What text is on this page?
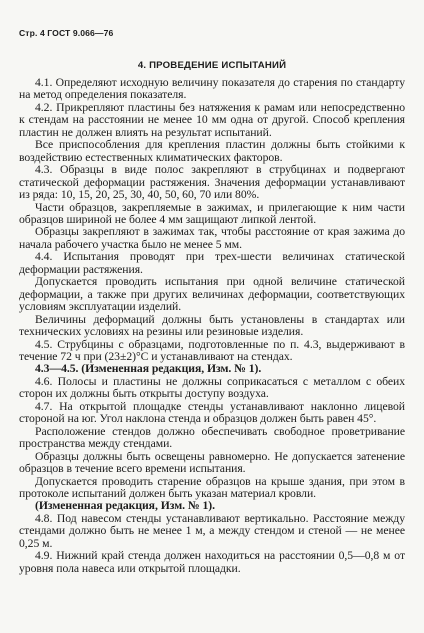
Стр. 4 ГОСТ 9.066—76
4. ПРОВЕДЕНИЕ ИСПЫТАНИЙ

4.1. Определяют исходную величину показателя до старения по стандарту на метод определения показателя.

4.2. Прикрепляют пластины без натяжения к рамам или непосредственно к стендам на расстоянии не менее 10 мм одна от другой. Способ крепления пластин не должен влиять на результат испытаний.

Все приспособления для крепления пластин должны быть стойкими к воздействию естественных климатических факторов.

4.3. Образцы в виде полос закрепляют в струбцинах и подвергают статической деформации растяжения. Значения деформации устанавливают из ряда: 10, 15, 20, 25, 30, 40, 50, 60, 70 или 80%.

Части образцов, закрепляемые в зажимах, и прилегающие к ним части образцов шириной не более 4 мм защищают липкой лентой.

Образцы закрепляют в зажимах так, чтобы расстояние от края зажима до начала рабочего участка было не менее 5 мм.

4.4. Испытания проводят при трех-шести величинах статической деформации растяжения.

Допускается проводить испытания при одной величине статической деформации, а также при других величинах деформации, соответствующих условиям эксплуатации изделий.

Величины деформаций должны быть установлены в стандартах или технических условиях на резины или резиновые изделия.

4.5. Струбцины с образцами, подготовленные по п. 4.3, выдерживают в течение 72 ч при (23±2)°С и устанавливают на стендах.

4.3—4.5. (Измененная редакция, Изм. № 1).

4.6. Полосы и пластины не должны соприкасаться с металлом с обеих сторон их должны быть открыты доступу воздуха.

4.7. На открытой площадке стенды устанавливают наклонно лицевой стороной на юг. Угол наклона стенда и образцов должен быть равен 45°.

Расположение стендов должно обеспечивать свободное проветривание пространства между стендами.

Образцы должны быть освещены равномерно. Не допускается затенение образцов в течение всего времени испытания.

Допускается проводить старение образцов на крыше здания, при этом в протоколе испытаний должен быть указан материал кровли.

(Измененная редакция, Изм. № 1).

4.8. Под навесом стенды устанавливают вертикально. Расстояние между стендами должно быть не менее 1 м, а между стендом и стеной — не менее 0,25 м.

4.9. Нижний край стенда должен находиться на расстоянии 0,5—0,8 м от уровня пола навеса или открытой площадки.
